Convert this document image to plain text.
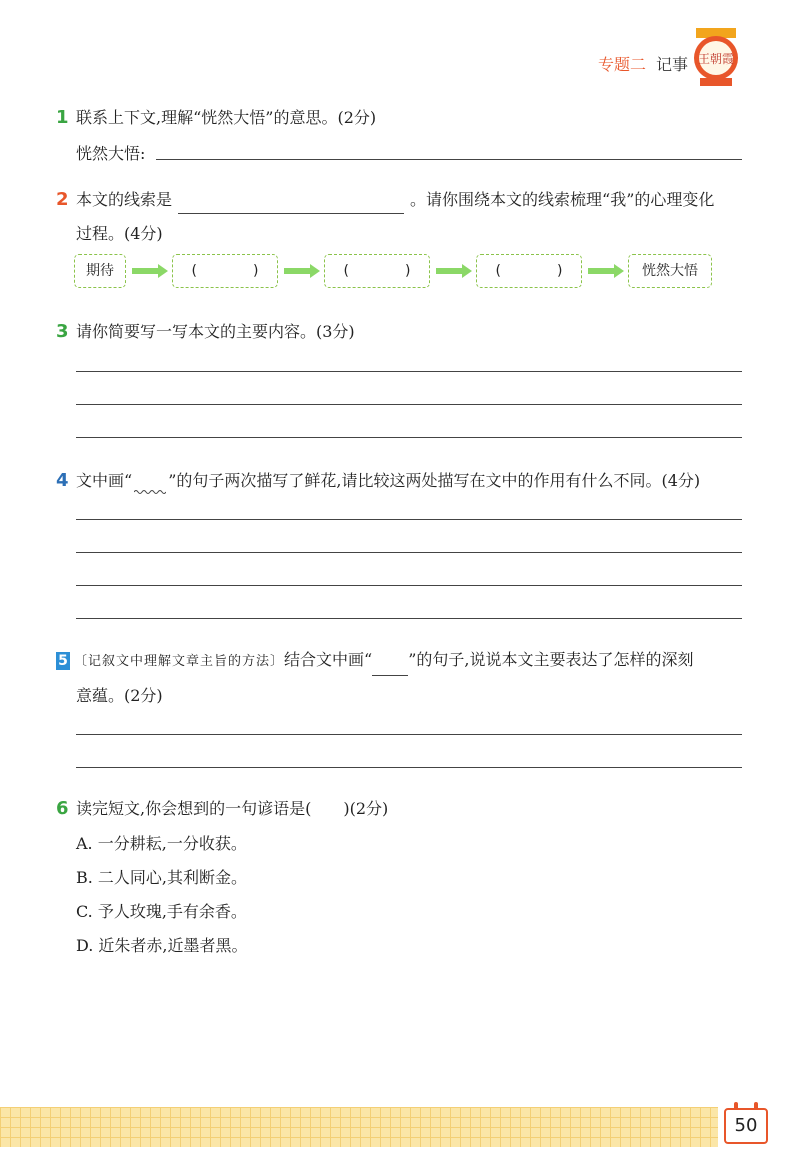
专题二 记事 王朝霞
1 联系上下文,理解“恍然大悟”的意思。(2分)
恍然大悟:
2 本文的线索是	。请你围绕本文的线索梳理“我”的心理变化
过程。(4分)
期待	(　　　　)	(　　　　)	(　　　　)	恍然大悟
3 请你简要写一写本文的主要内容。(3分)
4 文中画“ ”的句子两次描写了鲜花,请比较这两处描写在文中的作用有什么不同。(4分)
5 〔记叙文中理解文章主旨的方法〕结合文中画“ ”的句子,说说本文主要表达了怎样的深刻
意蕴。(2分)
6 读完短文,你会想到的一句谚语是(　　)(2分)
A. 一分耕耘,一分收获。
B. 二人同心,其利断金。
C. 予人玫瑰,手有余香。
D. 近朱者赤,近墨者黑。
50
